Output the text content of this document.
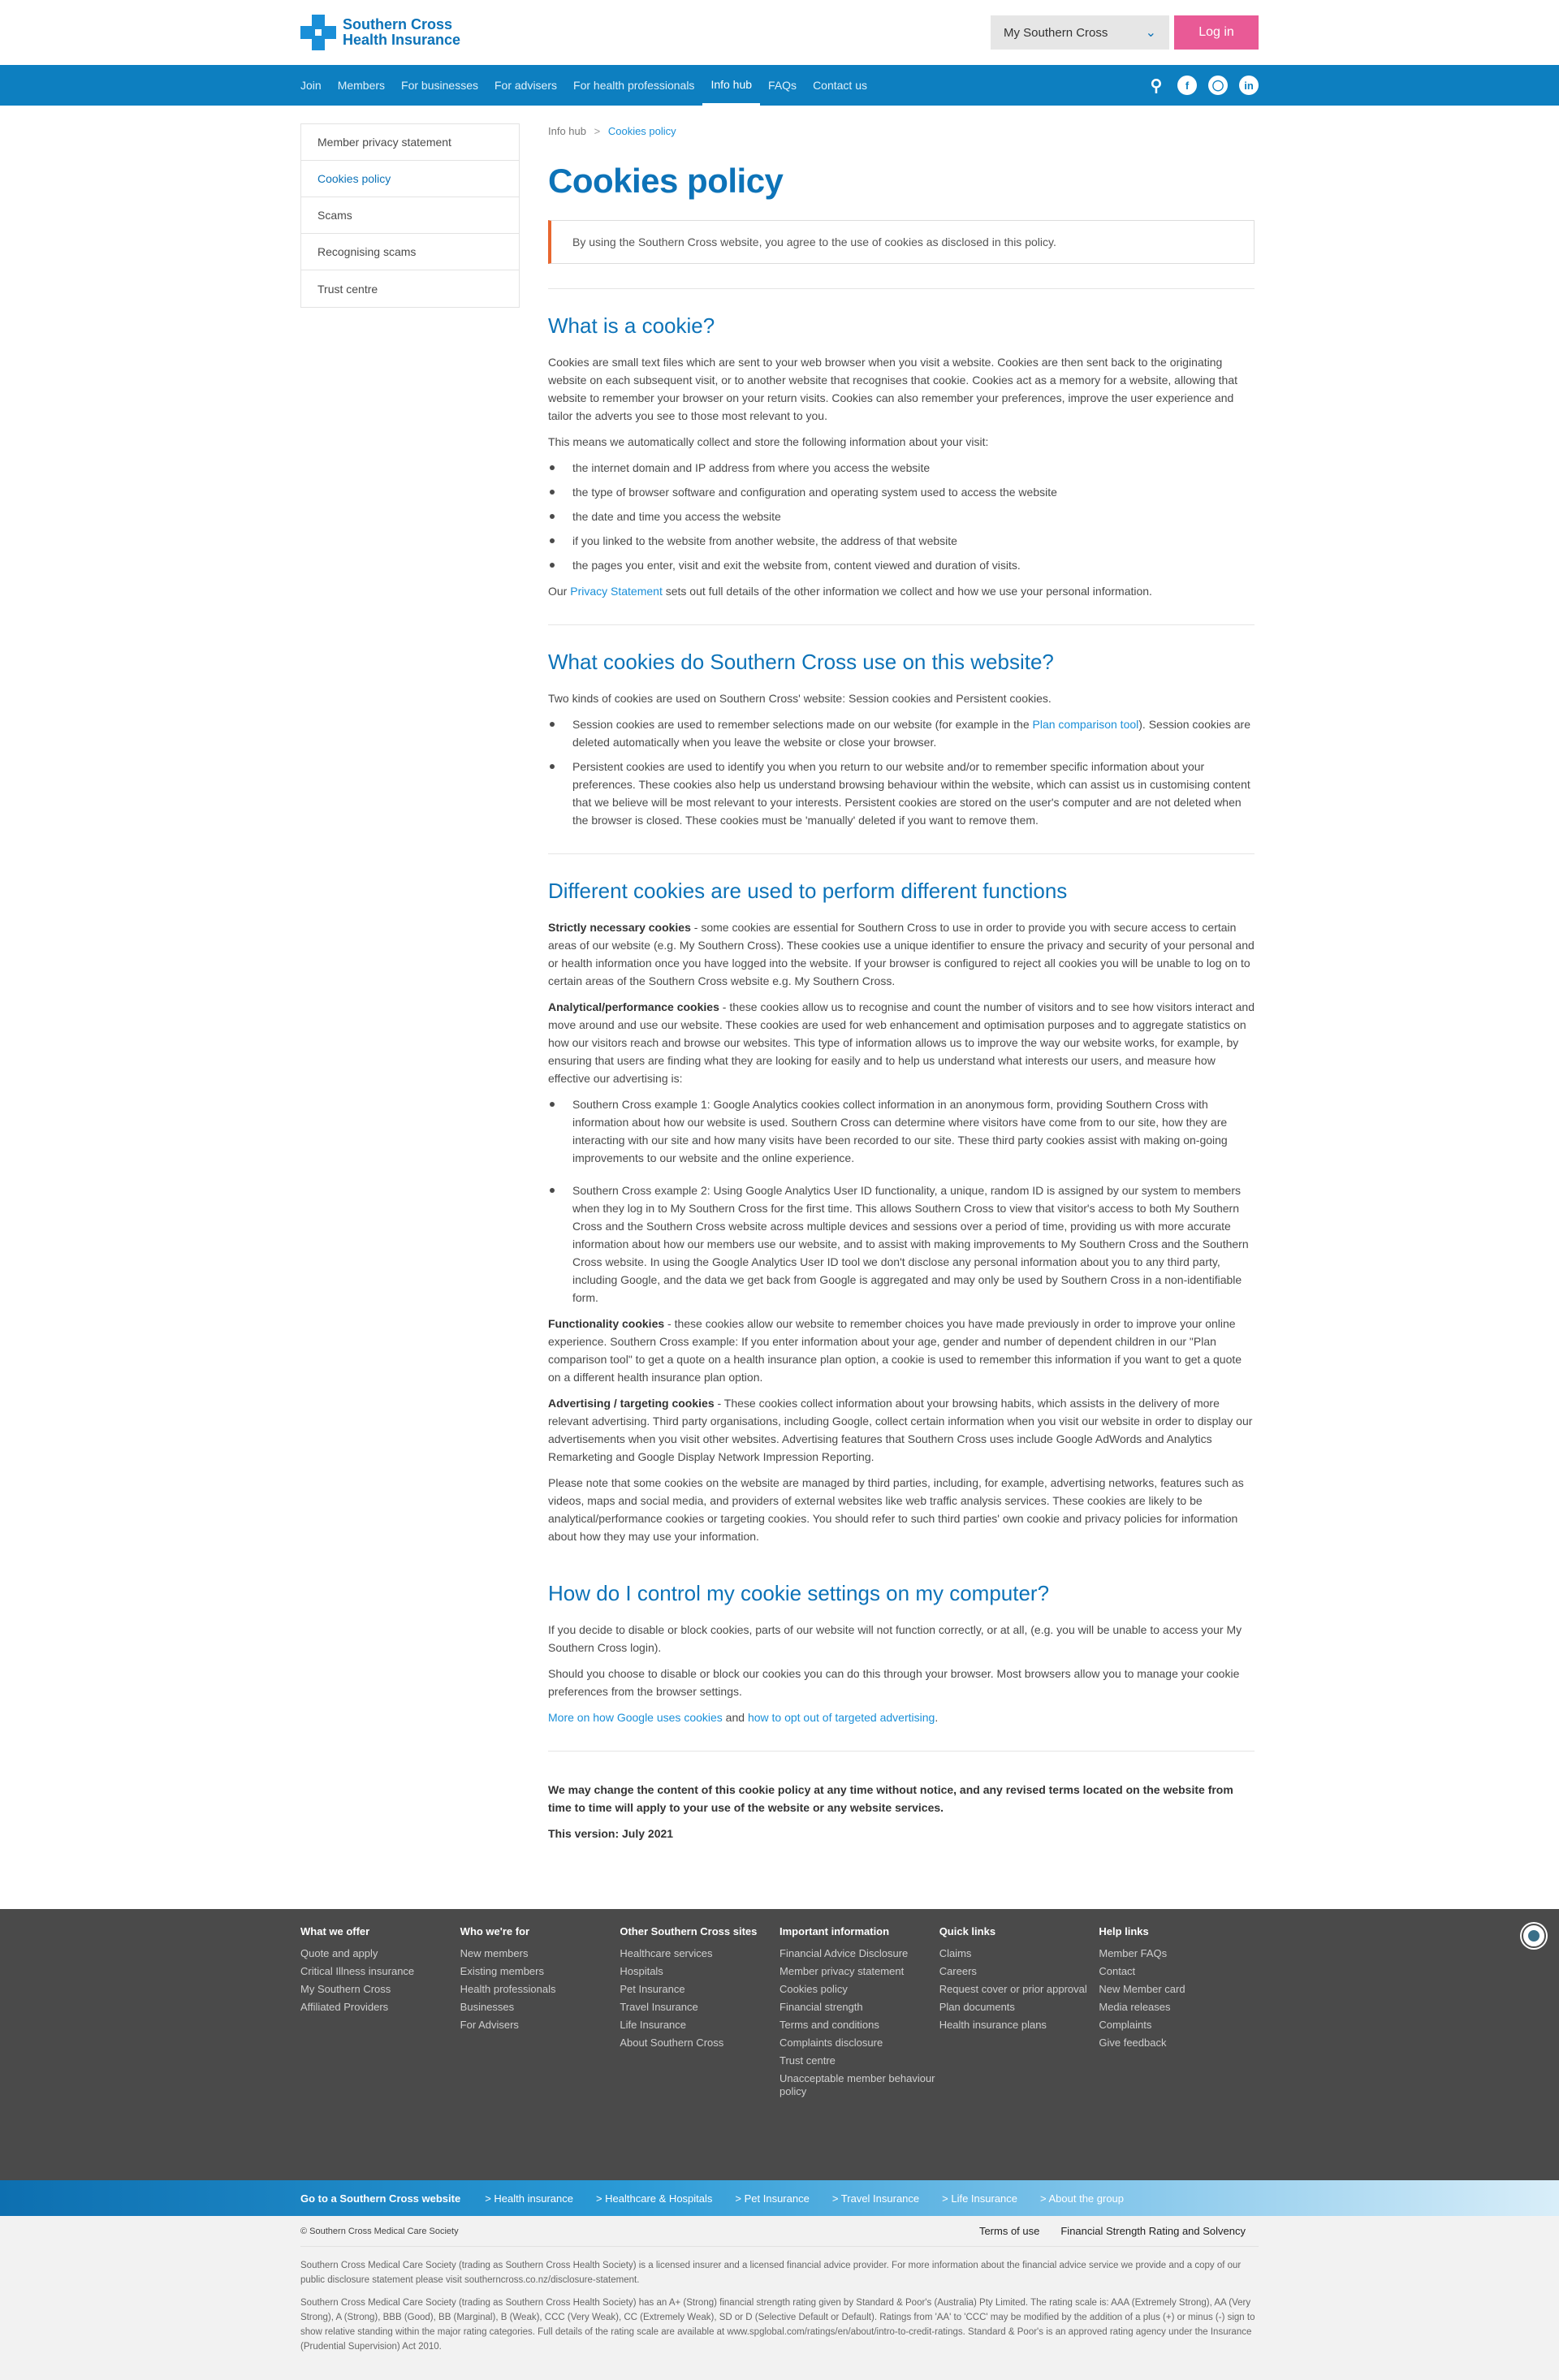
Southern Cross
Health Insurance	My Southern Cross	⌄	Log in
Join	Members	For businesses	For advisers	For health professionals	Info hub	FAQs	Contact us	⚲	f	◯	in
Member privacy statement
Cookies policy
Scams
Recognising scams
Trust centre
Info hub > Cookies policy
Cookies policy
By using the Southern Cross website, you agree to the use of cookies as disclosed in this policy.
What is a cookie?

Cookies are small text files which are sent to your web browser when you visit a website. Cookies are then sent back to the originating website on each subsequent visit, or to another website that recognises that cookie. Cookies act as a memory for a website, allowing that website to remember your browser on your return visits. Cookies can also remember your preferences, improve the user experience and tailor the adverts you see to those most relevant to you.

This means we automatically collect and store the following information about your visit:

the internet domain and IP address from where you access the website
the type of browser software and configuration and operating system used to access the website
the date and time you access the website
if you linked to the website from another website, the address of that website
the pages you enter, visit and exit the website from, content viewed and duration of visits.

Our Privacy Statement sets out full details of the other information we collect and how we use your personal information.

What cookies do Southern Cross use on this website?

Two kinds of cookies are used on Southern Cross' website: Session cookies and Persistent cookies.

Session cookies are used to remember selections made on our website (for example in the Plan comparison tool). Session cookies are deleted automatically when you leave the website or close your browser.
Persistent cookies are used to identify you when you return to our website and/or to remember specific information about your preferences. These cookies also help us understand browsing behaviour within the website, which can assist us in customising content that we believe will be most relevant to your interests. Persistent cookies are stored on the user's computer and are not deleted when the browser is closed. These cookies must be 'manually' deleted if you want to remove them.
Different cookies are used to perform different functions

Strictly necessary cookies - some cookies are essential for Southern Cross to use in order to provide you with secure access to certain areas of our website (e.g. My Southern Cross). These cookies use a unique identifier to ensure the privacy and security of your personal and or health information once you have logged into the website. If your browser is configured to reject all cookies you will be unable to log on to certain areas of the Southern Cross website e.g. My Southern Cross.

Analytical/performance cookies - these cookies allow us to recognise and count the number of visitors and to see how visitors interact and move around and use our website. These cookies are used for web enhancement and optimisation purposes and to aggregate statistics on how our visitors reach and browse our websites. This type of information allows us to improve the way our website works, for example, by ensuring that users are finding what they are looking for easily and to help us understand what interests our users, and measure how effective our advertising is:

Southern Cross example 1: Google Analytics cookies collect information in an anonymous form, providing Southern Cross with information about how our website is used. Southern Cross can determine where visitors have come from to our site, how they are interacting with our site and how many visits have been recorded to our site. These third party cookies assist with making on-going improvements to our website and the online experience.
Southern Cross example 2: Using Google Analytics User ID functionality, a unique, random ID is assigned by our system to members when they log in to My Southern Cross for the first time. This allows Southern Cross to view that visitor's access to both My Southern Cross and the Southern Cross website across multiple devices and sessions over a period of time, providing us with more accurate information about how our members use our website, and to assist with making improvements to My Southern Cross and the Southern Cross website. In using the Google Analytics User ID tool we don't disclose any personal information about you to any third party, including Google, and the data we get back from Google is aggregated and may only be used by Southern Cross in a non-identifiable form.

Functionality cookies - these cookies allow our website to remember choices you have made previously in order to improve your online experience. Southern Cross example: If you enter information about your age, gender and number of dependent children in our "Plan comparison tool" to get a quote on a health insurance plan option, a cookie is used to remember this information if you want to get a quote on a different health insurance plan option.

Advertising / targeting cookies - These cookies collect information about your browsing habits, which assists in the delivery of more relevant advertising. Third party organisations, including Google, collect certain information when you visit our website in order to display our advertisements when you visit other websites. Advertising features that Southern Cross uses include Google AdWords and Analytics Remarketing and Google Display Network Impression Reporting.

Please note that some cookies on the website are managed by third parties, including, for example, advertising networks, features such as videos, maps and social media, and providers of external websites like web traffic analysis services. These cookies are likely to be analytical/performance cookies or targeting cookies. You should refer to such third parties' own cookie and privacy policies for information about how they may use your information.

How do I control my cookie settings on my computer?

If you decide to disable or block cookies, parts of our website will not function correctly, or at all, (e.g. you will be unable to access your My Southern Cross login).

Should you choose to disable or block our cookies you can do this through your browser. Most browsers allow you to manage your cookie preferences from the browser settings.

More on how Google uses cookies and how to opt out of targeted advertising.

We may change the content of this cookie policy at any time without notice, and any revised terms located on the website from time to time will apply to your use of the website or any website services.

This version: July 2021

What we offer
Quote and apply
Critical Illness insurance
My Southern Cross
Affiliated Providers
Who we're for
New members
Existing members
Health professionals
Businesses
For Advisers
Other Southern Cross sites
Healthcare services
Hospitals
Pet Insurance
Travel Insurance
Life Insurance
About Southern Cross
Important information
Financial Advice Disclosure
Member privacy statement
Cookies policy
Financial strength
Terms and conditions
Complaints disclosure
Trust centre
Unacceptable member behaviour policy
Quick links
Claims
Careers
Request cover or prior approval
Plan documents
Health insurance plans
Help links
Member FAQs
Contact
New Member card
Media releases
Complaints
Give feedback
Go to a Southern Cross website > Health insurance > Healthcare & Hospitals > Pet Insurance > Travel Insurance > Life Insurance > About the group
© Southern Cross Medical Care Society	Terms of use Financial Strength Rating and Solvency

Southern Cross Medical Care Society (trading as Southern Cross Health Society) is a licensed insurer and a licensed financial advice provider. For more information about the financial advice service we provide and a copy of our public disclosure statement please visit southerncross.co.nz/disclosure-statement.

Southern Cross Medical Care Society (trading as Southern Cross Health Society) has an A+ (Strong) financial strength rating given by Standard & Poor's (Australia) Pty Limited. The rating scale is: AAA (Extremely Strong), AA (Very Strong), A (Strong), BBB (Good), BB (Marginal), B (Weak), CCC (Very Weak), CC (Extremely Weak), SD or D (Selective Default or Default). Ratings from 'AA' to 'CCC' may be modified by the addition of a plus (+) or minus (-) sign to show relative standing within the major rating categories. Full details of the rating scale are available at www.spglobal.com/ratings/en/about/intro-to-credit-ratings. Standard & Poor's is an approved rating agency under the Insurance (Prudential Supervision) Act 2010.
